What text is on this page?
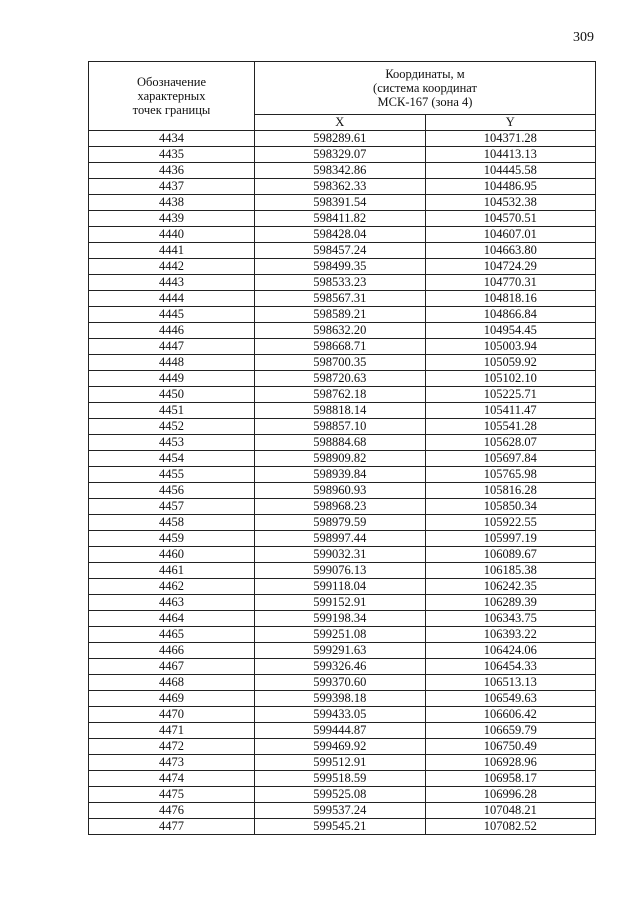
309
Обозначение
характерных
точек границы	Координаты, м
(система координат
МСК-167 (зона 4)	

	X	Y
4434	598289.61	104371.28
4435	598329.07	104413.13
4436	598342.86	104445.58
4437	598362.33	104486.95
4438	598391.54	104532.38
4439	598411.82	104570.51
4440	598428.04	104607.01
4441	598457.24	104663.80
4442	598499.35	104724.29
4443	598533.23	104770.31
4444	598567.31	104818.16
4445	598589.21	104866.84
4446	598632.20	104954.45
4447	598668.71	105003.94
4448	598700.35	105059.92
4449	598720.63	105102.10
4450	598762.18	105225.71
4451	598818.14	105411.47
4452	598857.10	105541.28
4453	598884.68	105628.07
4454	598909.82	105697.84
4455	598939.84	105765.98
4456	598960.93	105816.28
4457	598968.23	105850.34
4458	598979.59	105922.55
4459	598997.44	105997.19
4460	599032.31	106089.67
4461	599076.13	106185.38
4462	599118.04	106242.35
4463	599152.91	106289.39
4464	599198.34	106343.75
4465	599251.08	106393.22
4466	599291.63	106424.06
4467	599326.46	106454.33
4468	599370.60	106513.13
4469	599398.18	106549.63
4470	599433.05	106606.42
4471	599444.87	106659.79
4472	599469.92	106750.49
4473	599512.91	106928.96
4474	599518.59	106958.17
4475	599525.08	106996.28
4476	599537.24	107048.21
4477	599545.21	107082.52
